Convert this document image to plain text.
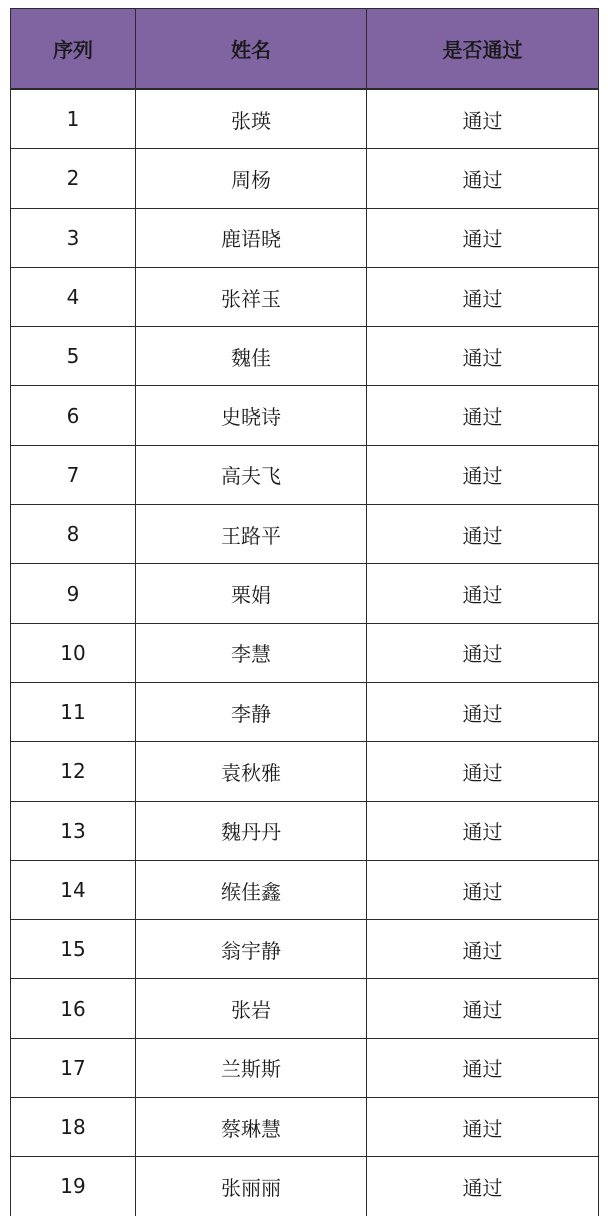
序列	姓名	是否通过
1	张瑛	通过
2	周杨	通过
3	鹿语晓	通过
4	张祥玉	通过
5	魏佳	通过
6	史晓诗	通过
7	高夫飞	通过
8	王路平	通过
9	栗娟	通过
10	李慧	通过
11	李静	通过
12	袁秋雅	通过
13	魏丹丹	通过
14	缑佳鑫	通过
15	翁宇静	通过
16	张岩	通过
17	兰斯斯	通过
18	蔡琳慧	通过
19	张丽丽	通过
